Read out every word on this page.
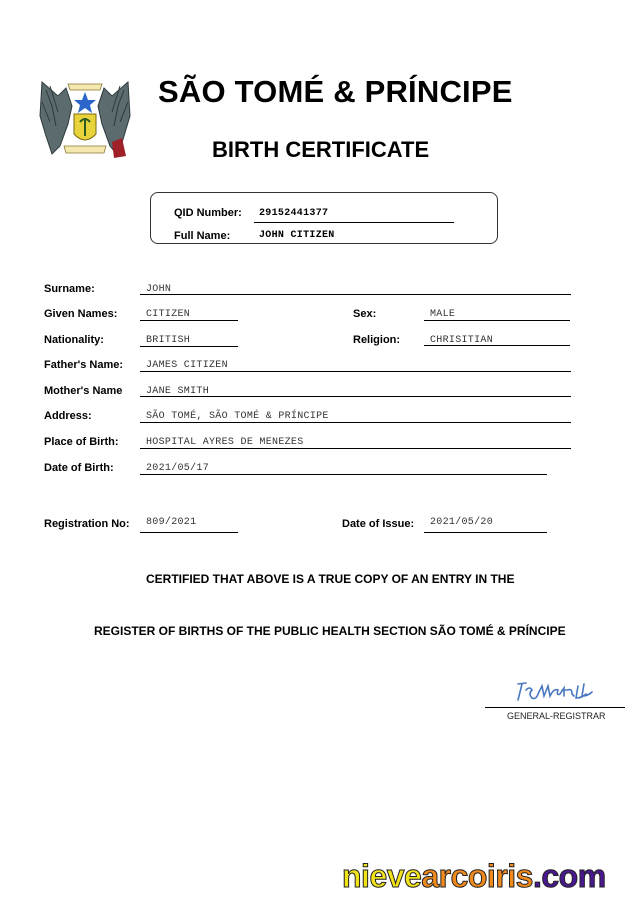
SÃO TOMÉ & PRÍNCIPE
BIRTH CERTIFICATE
QID Number: 29152441377
Full Name:	JOHN CITIZEN
Surname:	JOHN
Given Names:	CITIZEN	Sex:	MALE
Nationality:	BRITISH	Religion:	CHRISITIAN
Father's Name: JAMES CITIZEN
Mother's Name JANE SMITH
Address:	SÃO TOMÉ, SÃO TOMÉ & PRÍNCIPE
Place of Birth:	HOSPITAL AYRES DE MENEZES
Date of Birth:	2021/05/17
Registration No: 809/2021	Date of Issue: 2021/05/20
CERTIFIED THAT ABOVE IS A TRUE COPY OF AN ENTRY IN THE
REGISTER OF BIRTHS OF THE PUBLIC HEALTH SECTION SÃO TOMÉ & PRÍNCIPE
GENERAL-REGISTRAR
nievearcoiris.com
